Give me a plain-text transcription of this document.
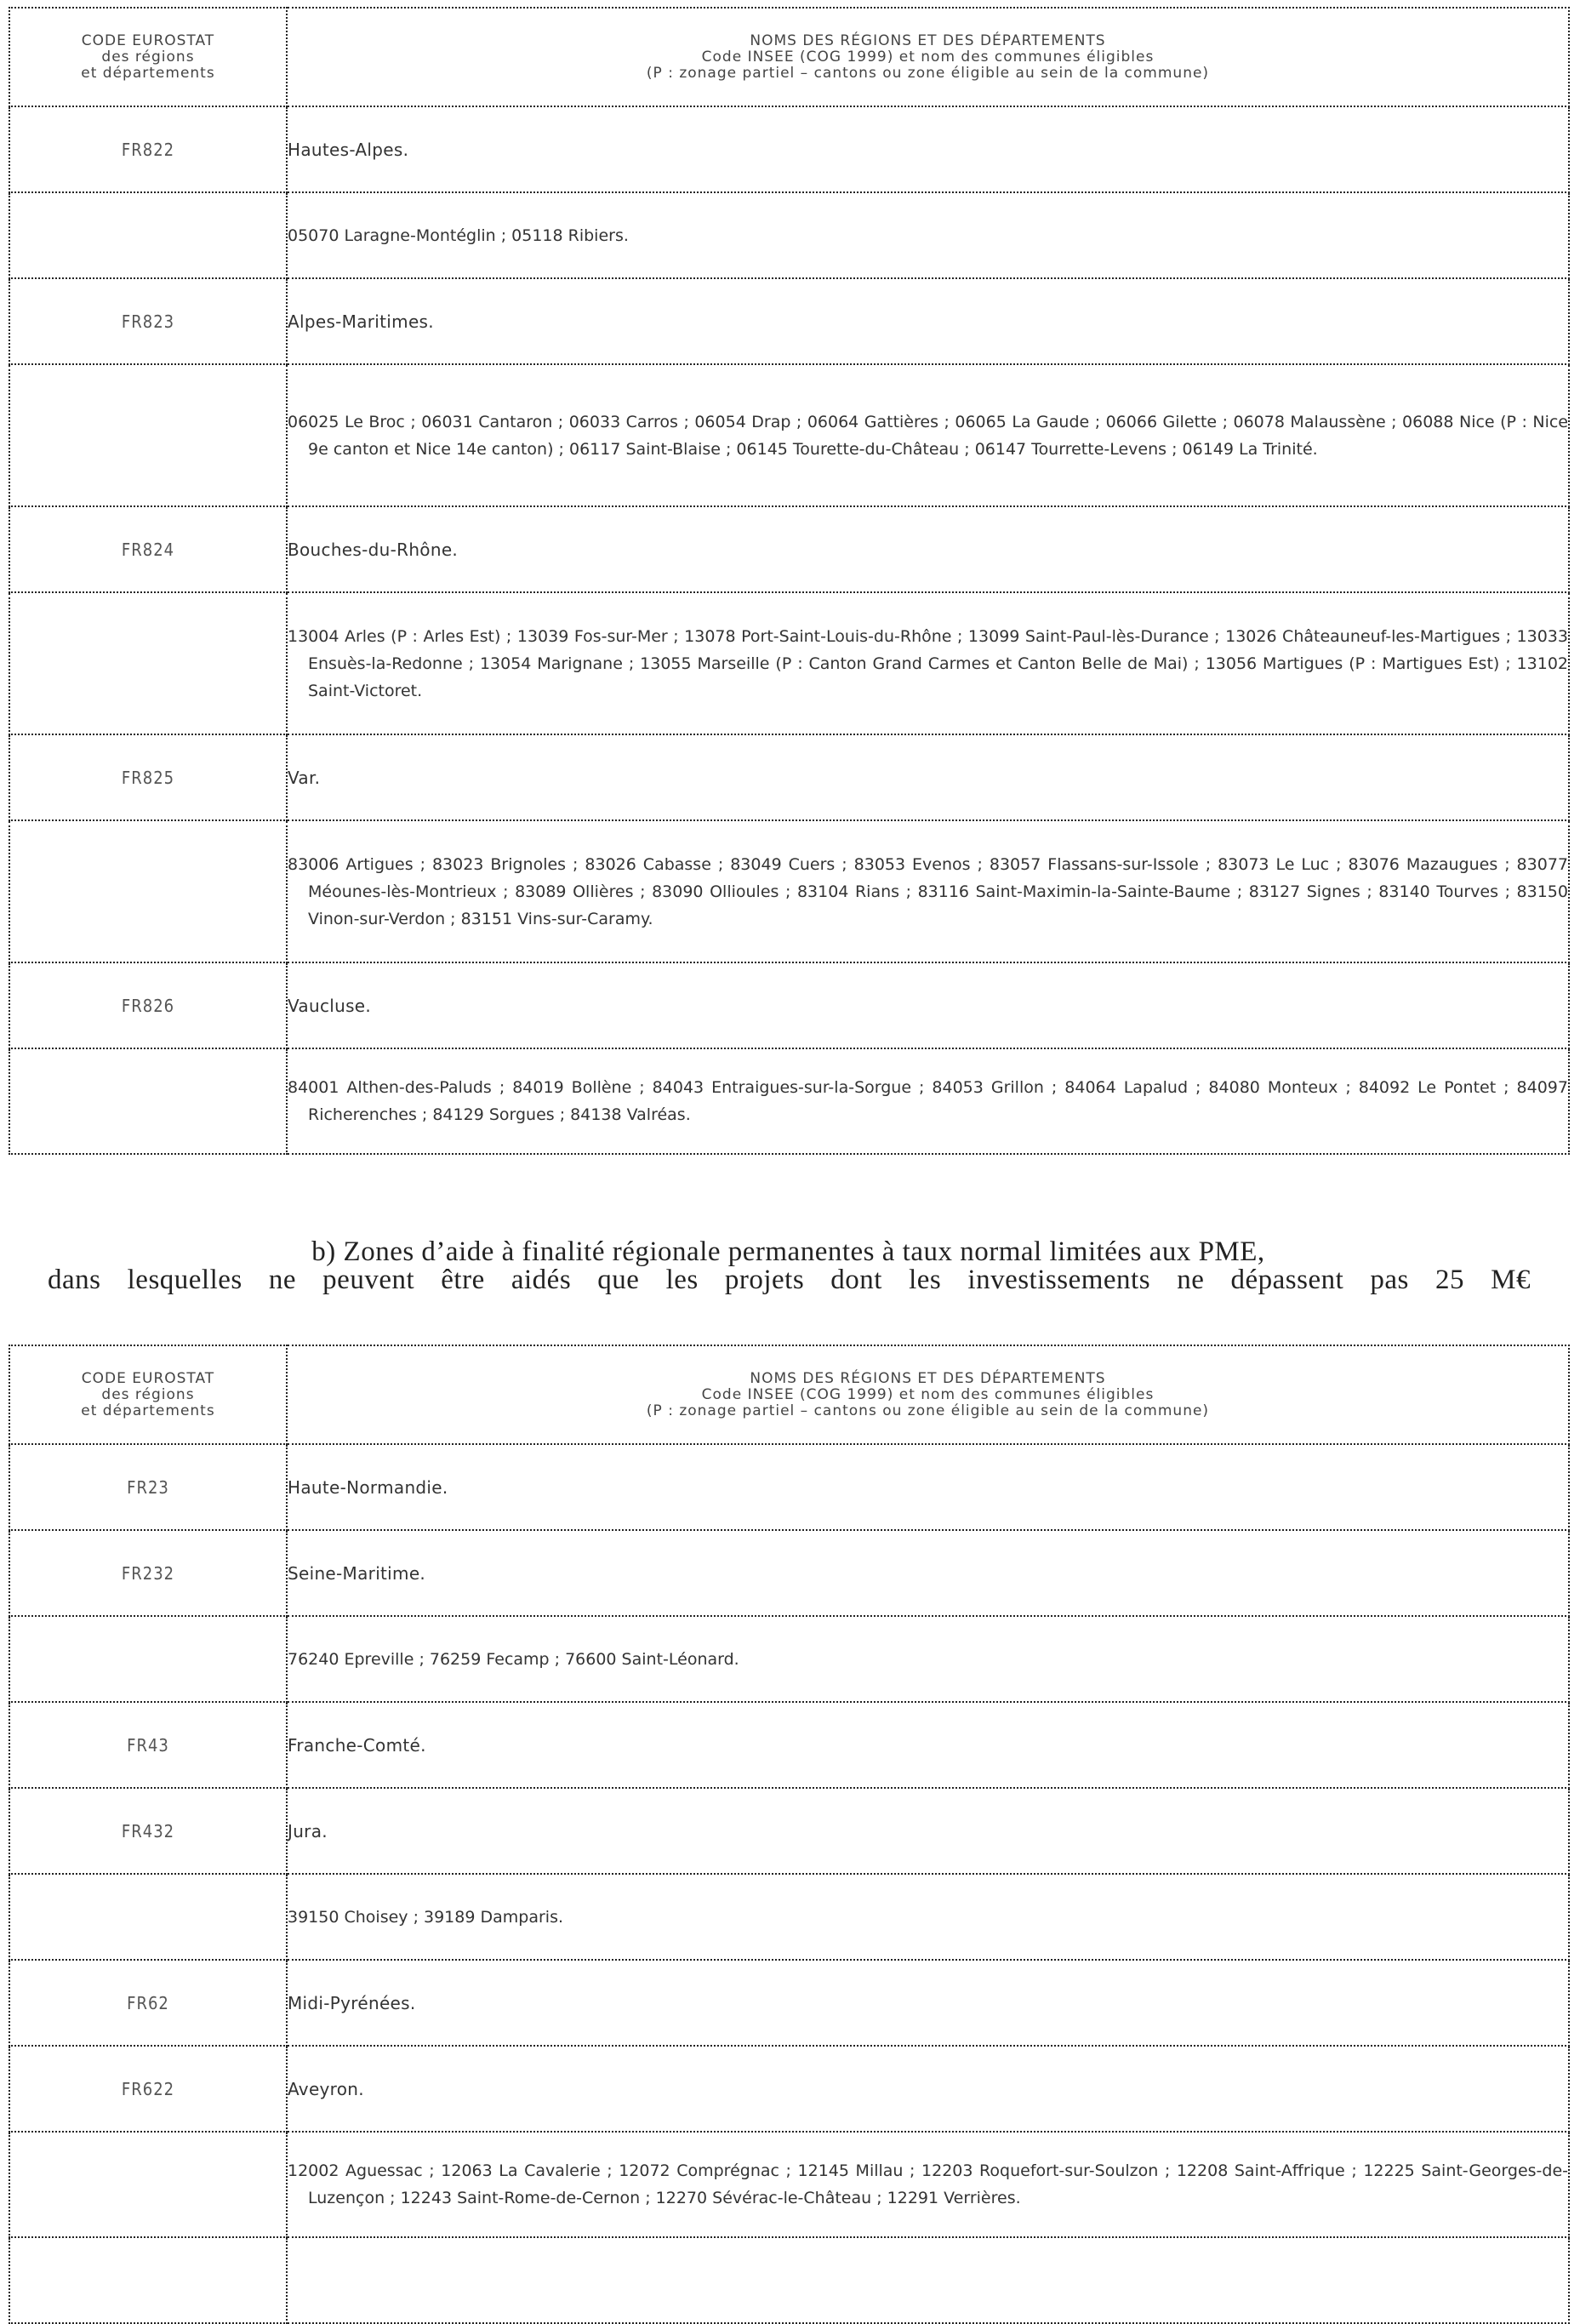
CODE EUROSTAT
des régions
et départements	NOMS DES RÉGIONS ET DES DÉPARTEMENTS
Code INSEE (COG 1999) et nom des communes éligibles
(P : zonage partiel – cantons ou zone éligible au sein de la commune)

FR822	Hautes-Alpes.

	05070 Laragne-Montéglin ; 05118 Ribiers.

FR823	Alpes-Maritimes.

	06025 Le Broc ; 06031 Cantaron ; 06033 Carros ; 06054 Drap ; 06064 Gattières ; 06065 La Gaude ; 06066 Gilette ; 06078 Malaussène ; 06088 Nice (P : Nice 9e canton et Nice 14e canton) ; 06117 Saint-Blaise ; 06145 Tourette-du-Château ; 06147 Tourrette-Levens ; 06149 La Trinité.

FR824	Bouches-du-Rhône.

	13004 Arles (P : Arles Est) ; 13039 Fos-sur-Mer ; 13078 Port-Saint-Louis-du-Rhône ; 13099 Saint-Paul-lès-Durance ; 13026 Châteauneuf-les-Martigues ; 13033 Ensuès-la-Redonne ; 13054 Marignane ; 13055 Marseille (P : Canton Grand Carmes et Canton Belle de Mai) ; 13056 Martigues (P : Martigues Est) ; 13102 Saint-Victoret.

FR825	Var.

	83006 Artigues ; 83023 Brignoles ; 83026 Cabasse ; 83049 Cuers ; 83053 Evenos ; 83057 Flassans-sur-Issole ; 83073 Le Luc ; 83076 Mazaugues ; 83077 Méounes-lès-Montrieux ; 83089 Ollières ; 83090 Ollioules ; 83104 Rians ; 83116 Saint-Maximin-la-Sainte-Baume ; 83127 Signes ; 83140 Tourves ; 83150 Vinon-sur-Verdon ; 83151 Vins-sur-Caramy.

FR826	Vaucluse.

	84001 Althen-des-Paluds ; 84019 Bollène ; 84043 Entraigues-sur-la-Sorgue ; 84053 Grillon ; 84064 Lapalud ; 84080 Monteux ; 84092 Le Pontet ; 84097 Richerenches ; 84129 Sorgues ; 84138 Valréas.
b) Zones d’aide à finalité régionale permanentes à taux normal limitées aux PME,
dans lesquelles ne peuvent être aidés que les projets dont les investissements ne dépassent pas 25 M€
CODE EUROSTAT
des régions
et départements	NOMS DES RÉGIONS ET DES DÉPARTEMENTS
Code INSEE (COG 1999) et nom des communes éligibles
(P : zonage partiel – cantons ou zone éligible au sein de la commune)

FR23	Haute-Normandie.
FR232	Seine-Maritime.

	76240 Epreville ; 76259 Fecamp ; 76600 Saint-Léonard.

FR43	Franche-Comté.
FR432	Jura.

	39150 Choisey ; 39189 Damparis.

FR62	Midi-Pyrénées.
FR622	Aveyron.

	12002 Aguessac ; 12063 La Cavalerie ; 12072 Comprégnac ; 12145 Millau ; 12203 Roquefort-sur-Soulzon ; 12208 Saint-Affrique ; 12225 Saint-Georges-de-Luzençon ; 12243 Saint-Rome-de-Cernon ; 12270 Sévérac-le-Château ; 12291 Verrières.
